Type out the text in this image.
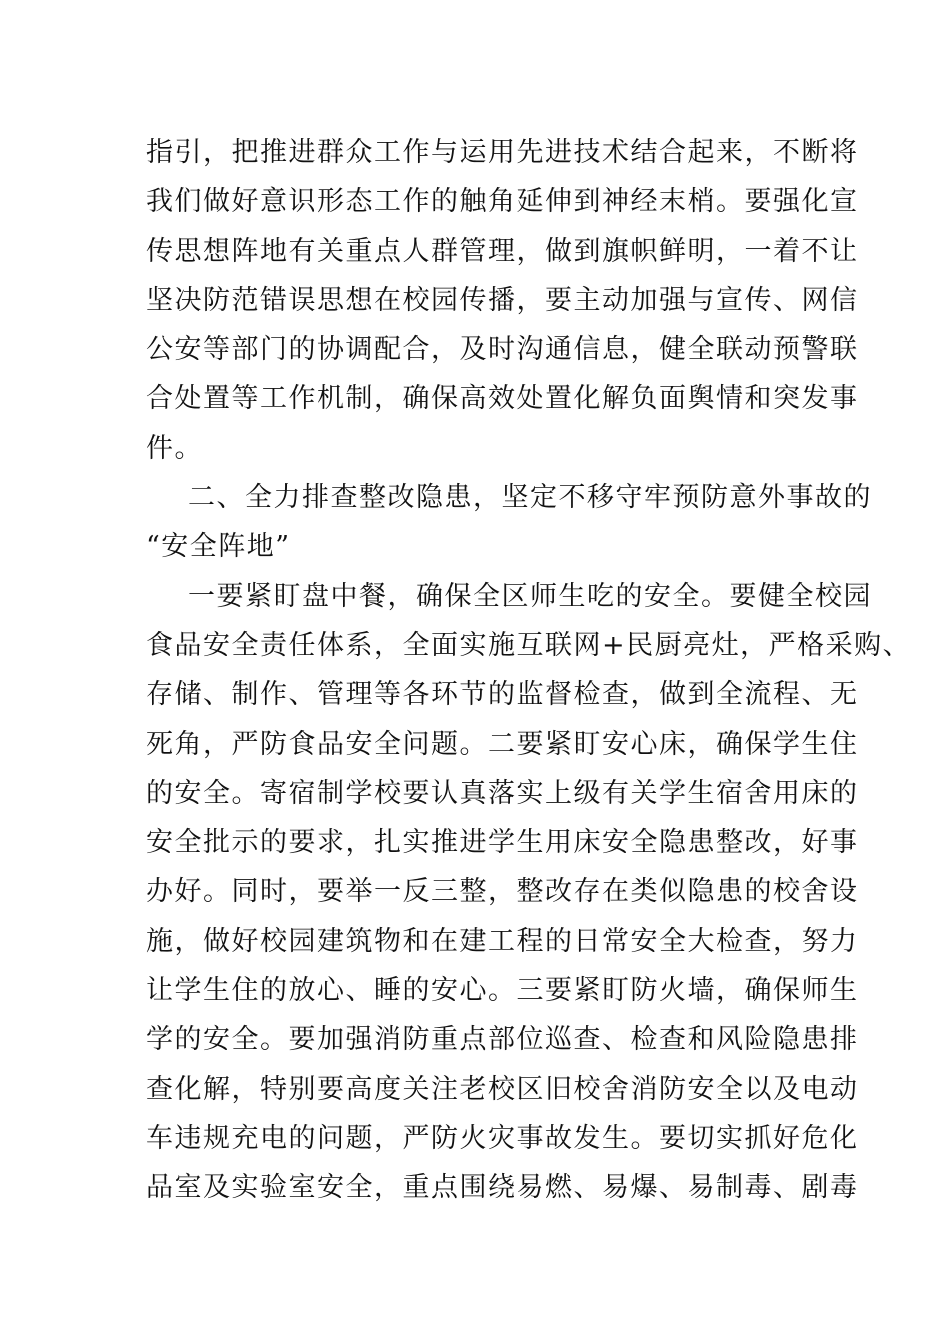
指引，把推进群众工作与运用先进技术结合起来，不断将
我们做好意识形态工作的触角延伸到神经末梢。要强化宣
传思想阵地有关重点人群管理，做到旗帜鲜明，一着不让
坚决防范错误思想在校园传播，要主动加强与宣传、网信
公安等部门的协调配合，及时沟通信息，健全联动预警联
合处置等工作机制，确保高效处置化解负面舆情和突发事
件。
二、全力排查整改隐患，坚定不移守牢预防意外事故的
“安全阵地”
一要紧盯盘中餐，确保全区师生吃的安全。要健全校园
食品安全责任体系，全面实施互联网+民厨亮灶，严格采购、
存储、制作、管理等各环节的监督检查，做到全流程、无
死角，严防食品安全问题。二要紧盯安心床，确保学生住
的安全。寄宿制学校要认真落实上级有关学生宿舍用床的
安全批示的要求，扎实推进学生用床安全隐患整改，好事
办好。同时，要举一反三整，整改存在类似隐患的校舍设
施，做好校园建筑物和在建工程的日常安全大检查，努力
让学生住的放心、睡的安心。三要紧盯防火墙，确保师生
学的安全。要加强消防重点部位巡查、检查和风险隐患排
查化解，特别要高度关注老校区旧校舍消防安全以及电动
车违规充电的问题，严防火灾事故发生。要切实抓好危化
品室及实验室安全，重点围绕易燃、易爆、易制毒、剧毒
